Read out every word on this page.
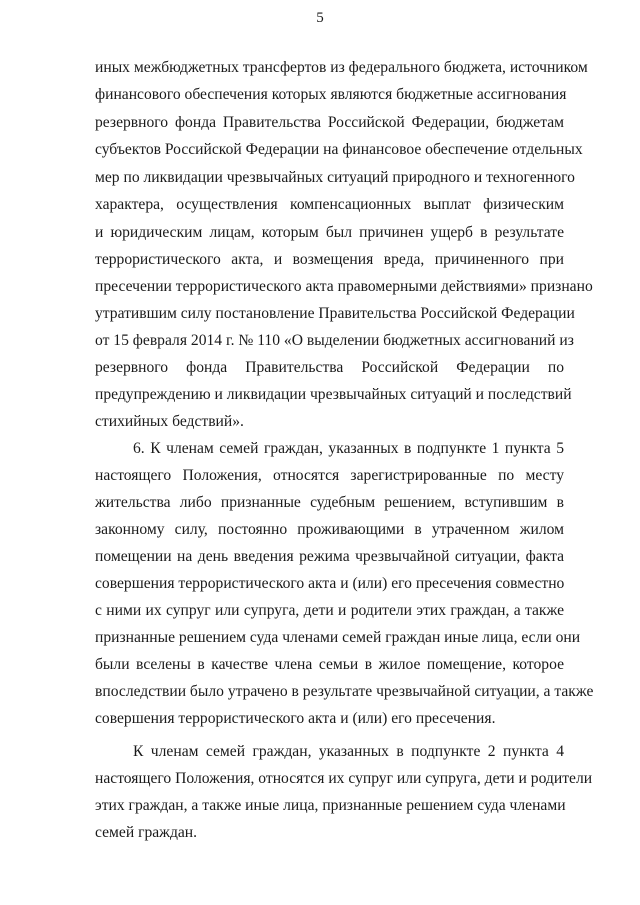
5
иных межбюджетных трансфертов из федерального бюджета, источником
финансового обеспечения которых являются бюджетные ассигнования
резервного фонда Правительства Российской Федерации, бюджетам
субъектов Российской Федерации на финансовое обеспечение отдельных
мер по ликвидации чрезвычайных ситуаций природного и техногенного
характера, осуществления компенсационных выплат физическим
и юридическим лицам, которым был причинен ущерб в результате
террористического акта, и возмещения вреда, причиненного при
пресечении террористического акта правомерными действиями» признано
утратившим силу постановление Правительства Российской Федерации
от 15 февраля 2014 г. № 110 «О выделении бюджетных ассигнований из
резервного фонда Правительства Российской Федерации по
предупреждению и ликвидации чрезвычайных ситуаций и последствий
стихийных бедствий».
6. К членам семей граждан, указанных в подпункте 1 пункта 5
настоящего Положения, относятся зарегистрированные по месту
жительства либо признанные судебным решением, вступившим в
законному силу, постоянно проживающими в утраченном жилом
помещении на день введения режима чрезвычайной ситуации, факта
совершения террористического акта и (или) его пресечения совместно
с ними их супруг или супруга, дети и родители этих граждан, а также
признанные решением суда членами семей граждан иные лица, если они
были вселены в качестве члена семьи в жилое помещение, которое
впоследствии было утрачено в результате чрезвычайной ситуации, а также
совершения террористического акта и (или) его пресечения.
К членам семей граждан, указанных в подпункте 2 пункта 4
настоящего Положения, относятся их супруг или супруга, дети и родители
этих граждан, а также иные лица, признанные решением суда членами
семей граждан.
